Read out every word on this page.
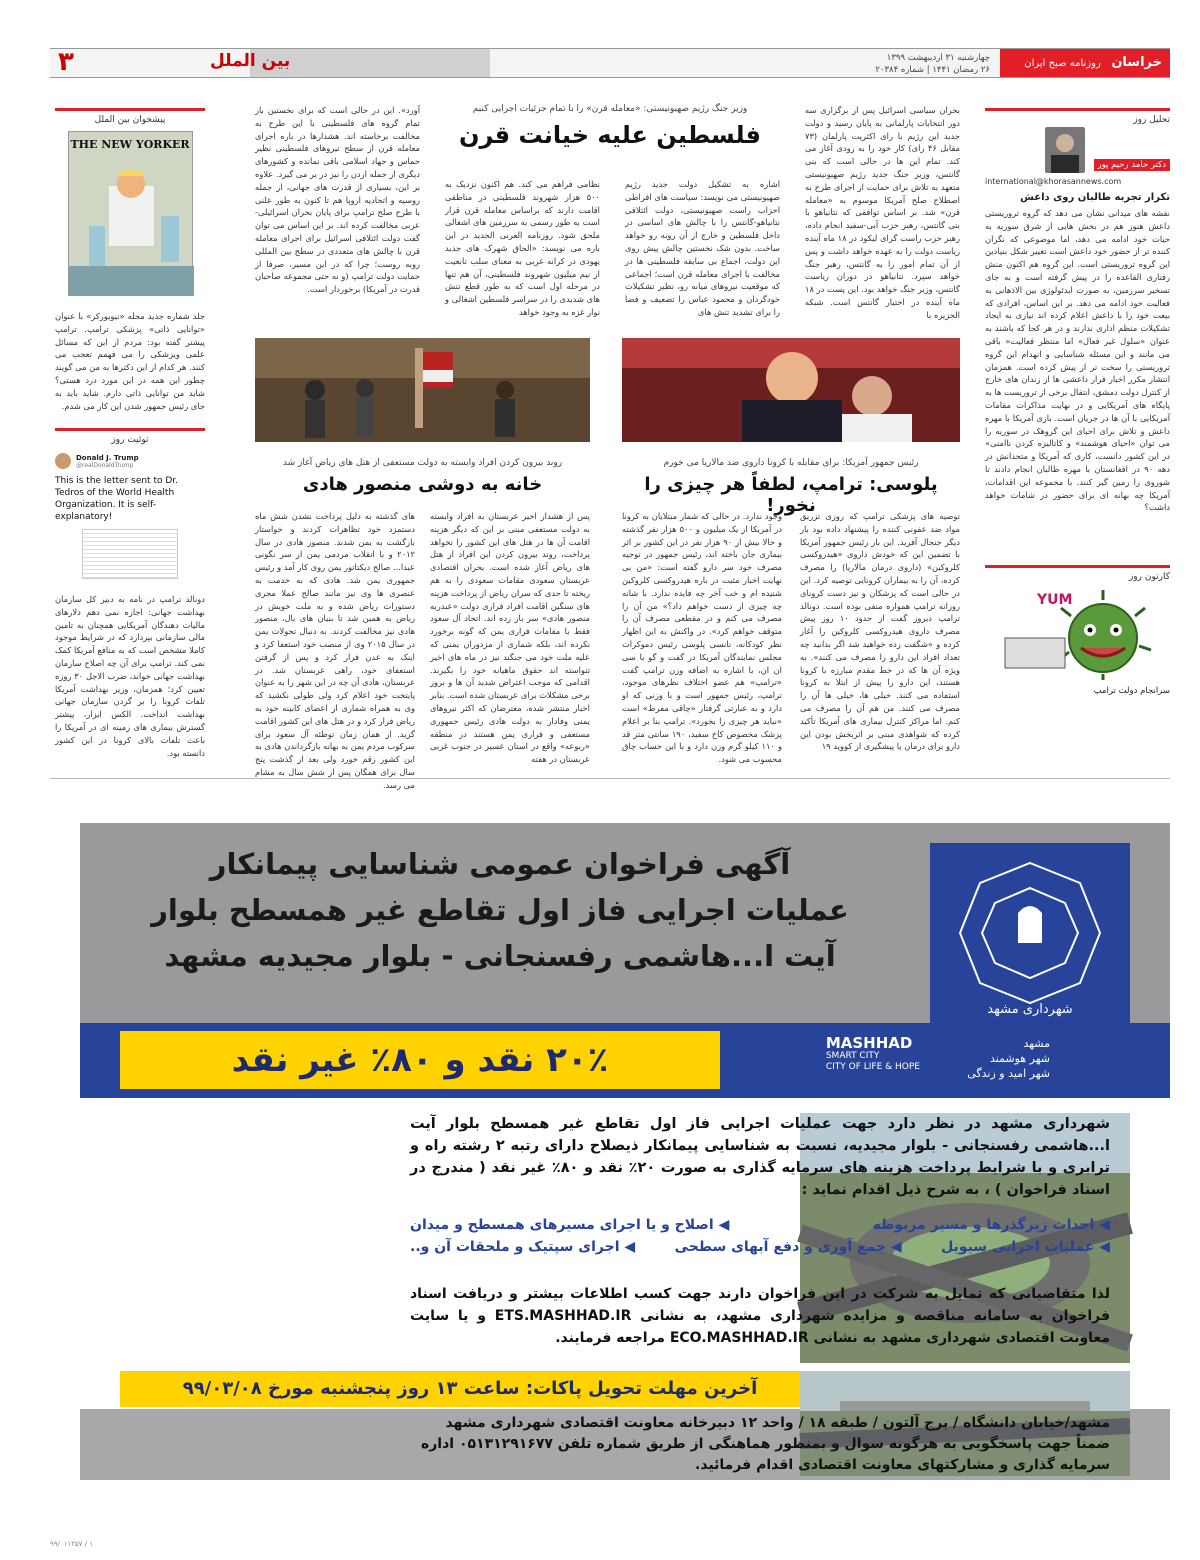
خراسان روزنامه صبح ایران
چهارشنبه ۳۱ اردیبهشت ۱۳۹۹
۲۶ رمضان ۱۴۴۱ | شماره ۲۰۳۸۴
بین الملل
۳
تحلیل روز
دکتر حامد رحیم پور
international@khorasannews.com
تکرار تجربه طالبان روی داعش
نقشه های میدانی نشان می دهد که گروه تروریستی داعش هنوز هم در بخش هایی از شرق سوریه به حیات خود ادامه می دهد، اما موضوعی که نگران کننده تر از حضور خود داعش است تغییر شکل بنیادین این گروه تروریستی است. این گروه هم اکنون منش رفتاری القاعده را در پیش گرفته است و به جای تسخیر سرزمین، به صورت ایدئولوژی بین الاذهانی به فعالیت خود ادامه می دهد. بر این اساس، افرادی که بیعت خود را با داعش اعلام کرده اند نیازی به ایجاد تشکیلات منظم اداری ندارند و در هر کجا که باشند به عنوان «سلول غیر فعال» اما منتظر فعالیت» باقی می مانند و این مسئله شناسایی و انهدام این گروه تروریستی را سخت تر از پیش کرده است. همزمان انتشار مکرر اخبار فرار داعشی ها از زندان های خارج از کنترل دولت دمشق، انتقال برخی از تروریست ها به پایگاه های آمریکایی و در نهایت مذاکرات مقامات آمریکایی با آن ها در جریان است. بازی آمریکا با مهره داعش و تلاش برای احیای این گروهک در سوریه را می توان «احیای هوشمند» و کاتالیزه کردن ناامنی» در این کشور دانست، کاری که آمریکا و متحدانش در دهه ۹۰ در افغانستان با مهره طالبان انجام دادند تا شوروی را زمین گیر کنند. با مجموعه این اقدامات، آمریکا چه بهانه ای برای حضور در شامات خواهد داشت؟
کارتون روز
YUM
سرانجام دولت ترامپ
وزیر جنگ رژیم صهیونیستی: «معامله قرن» را با تمام جزئیات اجرایی کنیم
فلسطین علیه خیانت قرن
بحران سیاسی اسرائیل پس از برگزاری سه دور انتخابات پارلمانی به پایان رسید و دولت جدید این رژیم با رای اکثریت پارلمان (۷۳ مقابل ۴۶ رای) کار خود را به زودی آغاز می کند. تمام این ها در حالی است که بنی گانتس، وزیر جنگ جدید رژیم صهیونیستی متعهد به تلاش برای حمایت از اجرای طرح به اصطلاح صلح آمریکا موسوم به «معامله قرن» شد. بر اساس توافقی که نتانیاهو با بنی گانتس، رهبر حزب آبی-سفید انجام داده، رهبر حزب راست گرای لیکود در ۱۸ ماه آینده ریاست دولت را به عهده خواهد داشت و پس از آن تمام امور را به گانتس، رهبر جنگ خواهد سپرد. نتانیاهو در دوران ریاست گانتس، وزیر جنگ خواهد بود. این پست در ۱۸ ماه آینده در اختیار گانتس است. شبکه الجزیره با
اشاره به تشکیل دولت جدید رژیم صهیونیستی می نویسد: سیاست های افراطی احزاب راست صهیونیستی، دولت ائتلافی نتانیاهو-گانتس را با چالش های اساسی در داخل فلسطین و خارج از آن روبه رو خواهد ساخت. بدون شک نخستین چالش پیش روی این دولت، اجماع بی سابقه فلسطینی ها در مخالفت با اجرای معامله قرن است؛ اجماعی که موقعیت نیروهای میانه رو، نظیر تشکیلات خودگردان و محمود عباس را تضعیف و فضا را برای تشدید تنش های
نظامی فراهم می کند. هم اکنون نزدیک به ۵۰۰ هزار شهروند فلسطینی در مناطقی اقامت دارند که براساس معامله قرن قرار است به طور رسمی به سرزمین های اشغالی ملحق شود. روزنامه العربی الجدید در این باره می نویسد: «الحاق شهرک های جدید یهودی در کرانه غربی به معنای سلب تابعیت از نیم میلیون شهروند فلسطینی، آن هم تنها در مرحله اول است که به طور قطع تنش های شدیدی را در سراسر فلسطین اشغالی و نوار غزه به وجود خواهد
آورد». این در حالی است که برای نخستین بار تمام گروه های فلسطینی با این طرح به مخالفت برخاسته اند. هشدارها در باره اجرای معامله قرن از سطح نیروهای فلسطینی نظیر حماس و جهاد اسلامی باقی نمانده و کشورهای دیگری از جمله اردن را نیز در بر می گیرد. علاوه بر این، بسیاری از قدرت های جهانی، از جمله روسیه و اتحادیه اروپا هم تا کنون به طور علنی با طرح صلح ترامپ برای پایان بحران اسرائیلی-عربی مخالفت کرده اند. بر این اساس می توان گفت دولت ائتلافی اسرائیل برای اجرای معامله قرن با چالش های متعددی در سطح بین المللی روبه روست؛ چرا که در این مسیر، صرفا از حمایت دولت ترامپ (و نه حتی مجموعه صاحبان قدرت در آمریکا) برخوردار است.
رئیس جمهور آمریکا: برای مقابله با کرونا داروی ضد مالاریا می خورم
پلوسی: ترامپ، لطفاً هر چیزی را نخور!
توصیه های پزشکی ترامپ که روزی تزریق مواد ضد عفونی کننده را پیشنهاد داده بود بار دیگر جنجال آفرید. این بار رئیس جمهور آمریکا با تضمین این که خودش داروی «هیدروکسی کلروکین» (داروی درمان مالاریا) را مصرف کرده، آن را به بیماران کرونایی توصیه کرد. این در حالی است که پزشکان و نیز دست کرونای روزانه ترامپ همواره منفی بوده است. دونالد ترامپ دیروز گفت از حدود ۱۰ روز پیش مصرف داروی هیدروکسی کلروکین را آغاز کرده و «شگفت زده خواهید شد اگر بدانید چه تعداد افراد این دارو را مصرف می کنند». به ویژه آن ها که در خط مقدم مبارزه با کرونا هستند، این دارو را پیش از ابتلا به کرونا استفاده می کنند. خیلی ها، خیلی ها آن را مصرف می کنند. من هم آن را مصرف می کنم. اما مراکز کنترل بیماری های آمریکا تأکید کرده که شواهدی مبنی بر اثربخش بودن این دارو برای درمان یا پیشگیری از کووید ۱۹
وجود ندارد. در حالی که شمار مبتلایان به کرونا در آمریکا از یک میلیون و ۵۰۰ هزار نفر گذشته و حالا بیش از ۹۰ هزار نفر در این کشور بر اثر بیماری جان باخته اند، رئیس جمهور در توجیه مصرف خود سر دارو گفته است: «من بی نهایت اخبار مثبت در باره هیدروکسی کلروکین شنیده ام و خب آخر چه فایده ندارد. با شانه چه چیزی از دست خواهم داد؟» من آن را مصرف می کنم و در مقطعی مصرف آن را متوقف خواهم کرد». در واکنش به این اظهار نظر کودکانه، نانسی پلوسی رئیس دموکرات مجلس نمایندگان آمریکا در گفت و گو با سی ان ان، با اشاره به اضافه وزن ترامپ گفت «ترامپ» هم عضو اختلاف نظرهای موجود، ترامپ، رئیس جمهور است و با وزنی که او دارد و به عبارتی گرفتار «چاقی مفرط» است «نباید هر چیزی را بخورد». ترامپ بنا بر اعلام پزشک مخصوص کاخ سفید، ۱۹۰ سانتی متر قد و ۱۱۰ کیلو گرم وزن دارد و با این حساب چاق محسوب می شود.
روند بیرون کردن افراد وابسته به دولت مستعفی از هتل های ریاض آغاز شد
خانه به دوشی منصور هادی
پس از هشدار اخیر عربستان به افراد وابسته به دولت مستعفی مبنی بر این که دیگر هزینه اقامت آن ها در هتل های این کشور را نخواهد پرداخت، روند بیرون کردن این افراد از هتل های ریاض آغاز شده است. بحران اقتصادی عربستان سعودی مقامات سعودی را به هم ریخته تا حدی که سران ریاض از پرداخت هزینه های سنگین اقامت افراد فراری دولت «عبدربه منصور هادی» سر باز زده اند. اتحاد آل سعود فقط با مقامات فراری یمن که گونه برخورد نکرده اند، بلکه شماری از مزدوران یمنی که علیه ملت خود می جنگند نیز در ماه های اخیر تنواسته اند حقوق ماهیانه خود را بگیرند. اقدامی که موجب اعتراض شدید آن ها و بروز برخی مشکلات برای عربستان شده است. بنابر اخبار منتشر شده، معترضان که اکثر نیروهای یمنی وفادار به دولت هادی رئیس جمهوری مستعفی و فراری یمن هستند در منطقه «ربوعه» واقع در استان عسیر در جنوب غربی عربستان در هفته
های گذشته به دلیل پرداخت نشدن شش ماه دستمزد خود تظاهرات کردند و خواستار بازگشت به یمن شدند. منصور هادی در سال ۲۰۱۲ و با انقلاب مردمی یمن از سر نگونی عبدا... صالح دیکتاتور یمن روی کار آمد و رئیس جمهوری یمن شد. هادی که به خدمت به عنصری ها وی نیز مانند صالح عملا مجری دستورات ریاض شده و به ملت خویش در ریاض به همین شد تا بنیان های بال، منصور هادی نیز مخالفت کردند. به دنبال تحولات یمن در سال ۲۰۱۵ وی از منصب خود استعفا کرد و اینک به عدن فرار کرد و پس از گرفتن استعفای خود، راهی عربستان شد. در عربستان، هادی آن چه در این شهر را به عنوان پایتخت خود اعلام کرد ولی طولی نکشید که وی به همراه شماری از اعضای کابینه خود به ریاض فرار کرد و در هتل های این کشور اقامت گزید. از همان زمان توطئه آل سعود برای سرکوب مردم یمن به بهانه بازگرداندن هادی به این کشور رقم خورد ولی بعد از گذشت پنج سال برای همگان پس از شش سال به مشام می رسد.
پیشخوان بین الملل
THE NEW YORKER
جلد شماره جدید مجله «نیویورکر» با عنوان «توانایی ذاتی» پزشکی ترامپ. ترامپ پیشتر گفته بود: مردم از این که مسائل علمی ویزشکی را می فهمم تعجب می کنند. هر کدام از این دکترها به من می گویند چطور این همه در این مورد درد هستی؟ شاید من توانایی ذاتی دارم. شاید باید به جای رئیس جمهور شدن این کار می شدم.
توئیت روز
Donald J. Trump
@realDonaldTrump
This is the letter sent to Dr. Tedros of the World Health Organization. It is self-explanatory!
دونالد ترامپ در نامه به دبیر کل سازمان بهداشت جهانی: اجازه نمی دهم دلارهای مالیات دهندگان آمریکایی همچنان به تامین مالی سازمانی بپردازد که در شرایط موجود کاملا مشخص است که به منافع آمریکا کمک نمی کند. ترامپ برای آن چه اصلاح سازمان بهداشت جهانی خواند، ضرب الاجل ۳۰ روزه تعیین کرد؛ همزمان، وزیر بهداشت آمریکا تلفات کرونا را بر گردن سازمان جهانی بهداشت انداخت. الکس ایزار، پیشتر گسترش بیماری های زمینه ای در آمریکا را باعث تلفات بالای کرونا در این کشور دانسته بود.
آگهی فراخوان عمومی شناسایی پیمانکار
عملیات اجرایی فاز اول تقاطع غیر همسطح بلوار
آیت ا...هاشمی رفسنجانی - بلوار مجیدیه مشهد
شهرداری مشهد
۲۰٪ نقد و ۸۰٪ غیر نقد	مشهد
شهر هوشمند
شهر امید و زندگی
MASHHAD
SMART CITY
CITY OF LIFE & HOPE
شهرداری مشهد در نظر دارد جهت عملیات اجرایی فاز اول تقاطع غیر همسطح بلوار آیت ا...هاشمی رفسنجانی - بلوار مجیدیه، نسبت به شناسایی پیمانکار ذیصلاح دارای رتبه ۲ رشته راه و ترابری و با شرایط پرداخت هزینه های سرمایه گذاری به صورت ۲۰٪ نقد و ۸۰٪ غیر نقد ( مندرج در اسناد فراخوان ) ، به شرح ذیل اقدام نماید :
◀ احداث زیرگذرها و مسیر مربوطه
◀ اصلاح و یا اجرای مسیرهای همسطح و میدان
◀ عملیات اجرایی سیویل
◀ جمع آوری و دفع آبهای سطحی
◀ اجرای سپتیک و ملحقات آن و..
لذا متقاضیانی که تمایل به شرکت در این فراخوان دارند جهت کسب اطلاعات بیشتر و دریافت اسناد فراخوان به سامانه مناقصه و مزایده شهرداری مشهد، به نشانی ETS.MASHHAD.IR و یا سایت معاونت اقتصادی شهرداری مشهد به نشانی ECO.MASHHAD.IR مراجعه فرمایند.
آخرین مهلت تحویل پاکات: ساعت ۱۳ روز پنجشنبه مورخ ۹۹/۰۳/۰۸
مشهد/خیابان دانشگاه / برج آلتون / طبقه ۱۸ / واحد ۱۲ دبیرخانه معاونت اقتصادی شهرداری مشهد
ضمناً جهت پاسخگویی به هرگونه سوال و بمنظور هماهنگی از طریق شماره تلفن ۰۵۱۳۱۲۹۱۶۷۷ اداره سرمایه گذاری و مشارکتهای معاونت اقتصادی اقدام فرمائید.
۹۹/۰۱۱۳۵۷ / ۱
